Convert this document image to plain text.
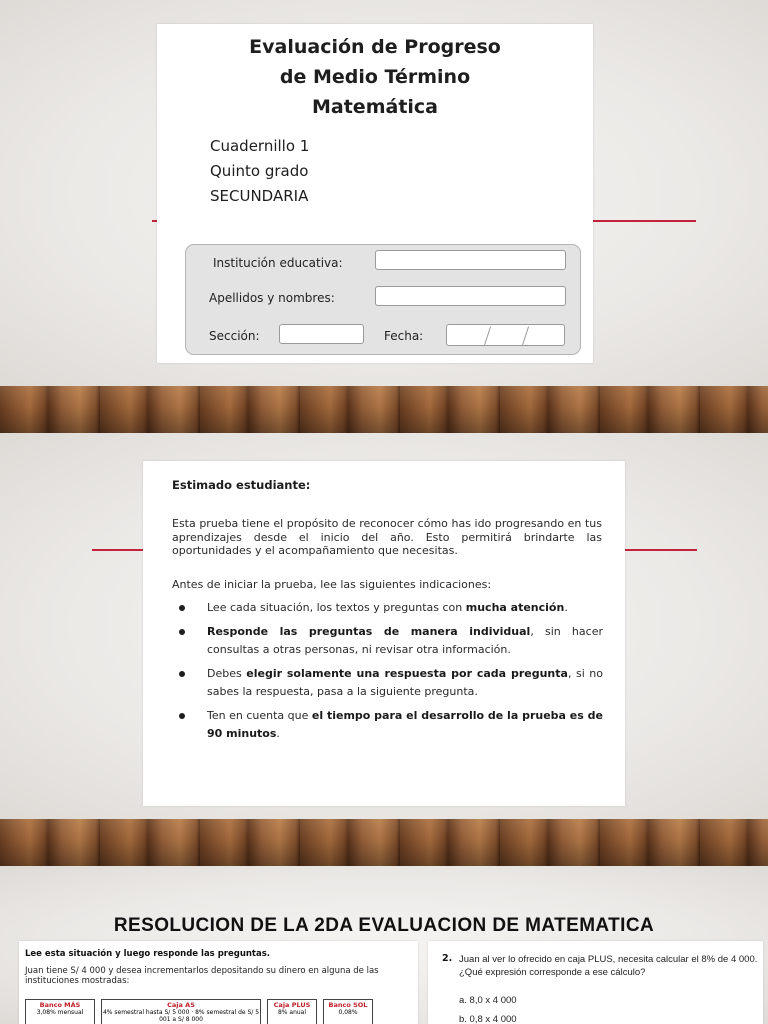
Evaluación de Progreso
de Medio Término
Matemática
Cuadernillo 1
Quinto grado
SECUNDARIA
Institución educativa:
Apellidos y nombres:
Sección:	Fecha:
Estimado estudiante:
Esta prueba tiene el propósito de reconocer cómo has ido progresando en tus aprendizajes desde el inicio del año. Esto permitirá brindarte las oportunidades y el acompañamiento que necesitas.
Antes de iniciar la prueba, lee las siguientes indicaciones:
Lee cada situación, los textos y preguntas con mucha atención.
Responde las preguntas de manera individual, sin hacer consultas a otras personas, ni revisar otra información.
Debes elegir solamente una respuesta por cada pregunta, si no sabes la respuesta, pasa a la siguiente pregunta.
Ten en cuenta que el tiempo para el desarrollo de la prueba es de 90 minutos.
RESOLUCION DE LA 2DA EVALUACION DE MATEMATICA
Lee esta situación y luego responde las preguntas.
Juan tiene S/ 4 000 y desea incrementarlos depositando su dinero en alguna de las instituciones mostradas:
Banco MÁS
3,08% mensual
Caja AS
4% semestral hasta S/ 5 000 · 8% semestral de S/ 5 001 a S/ 8 000
Caja PLUS
8% anual
Banco SOL
0,08%
2. Juan al ver lo ofrecido en caja PLUS, necesita calcular el 8% de 4 000. ¿Qué expresión corresponde a ese cálculo?
a. 8,0 x 4 000
b. 0,8 x 4 000
